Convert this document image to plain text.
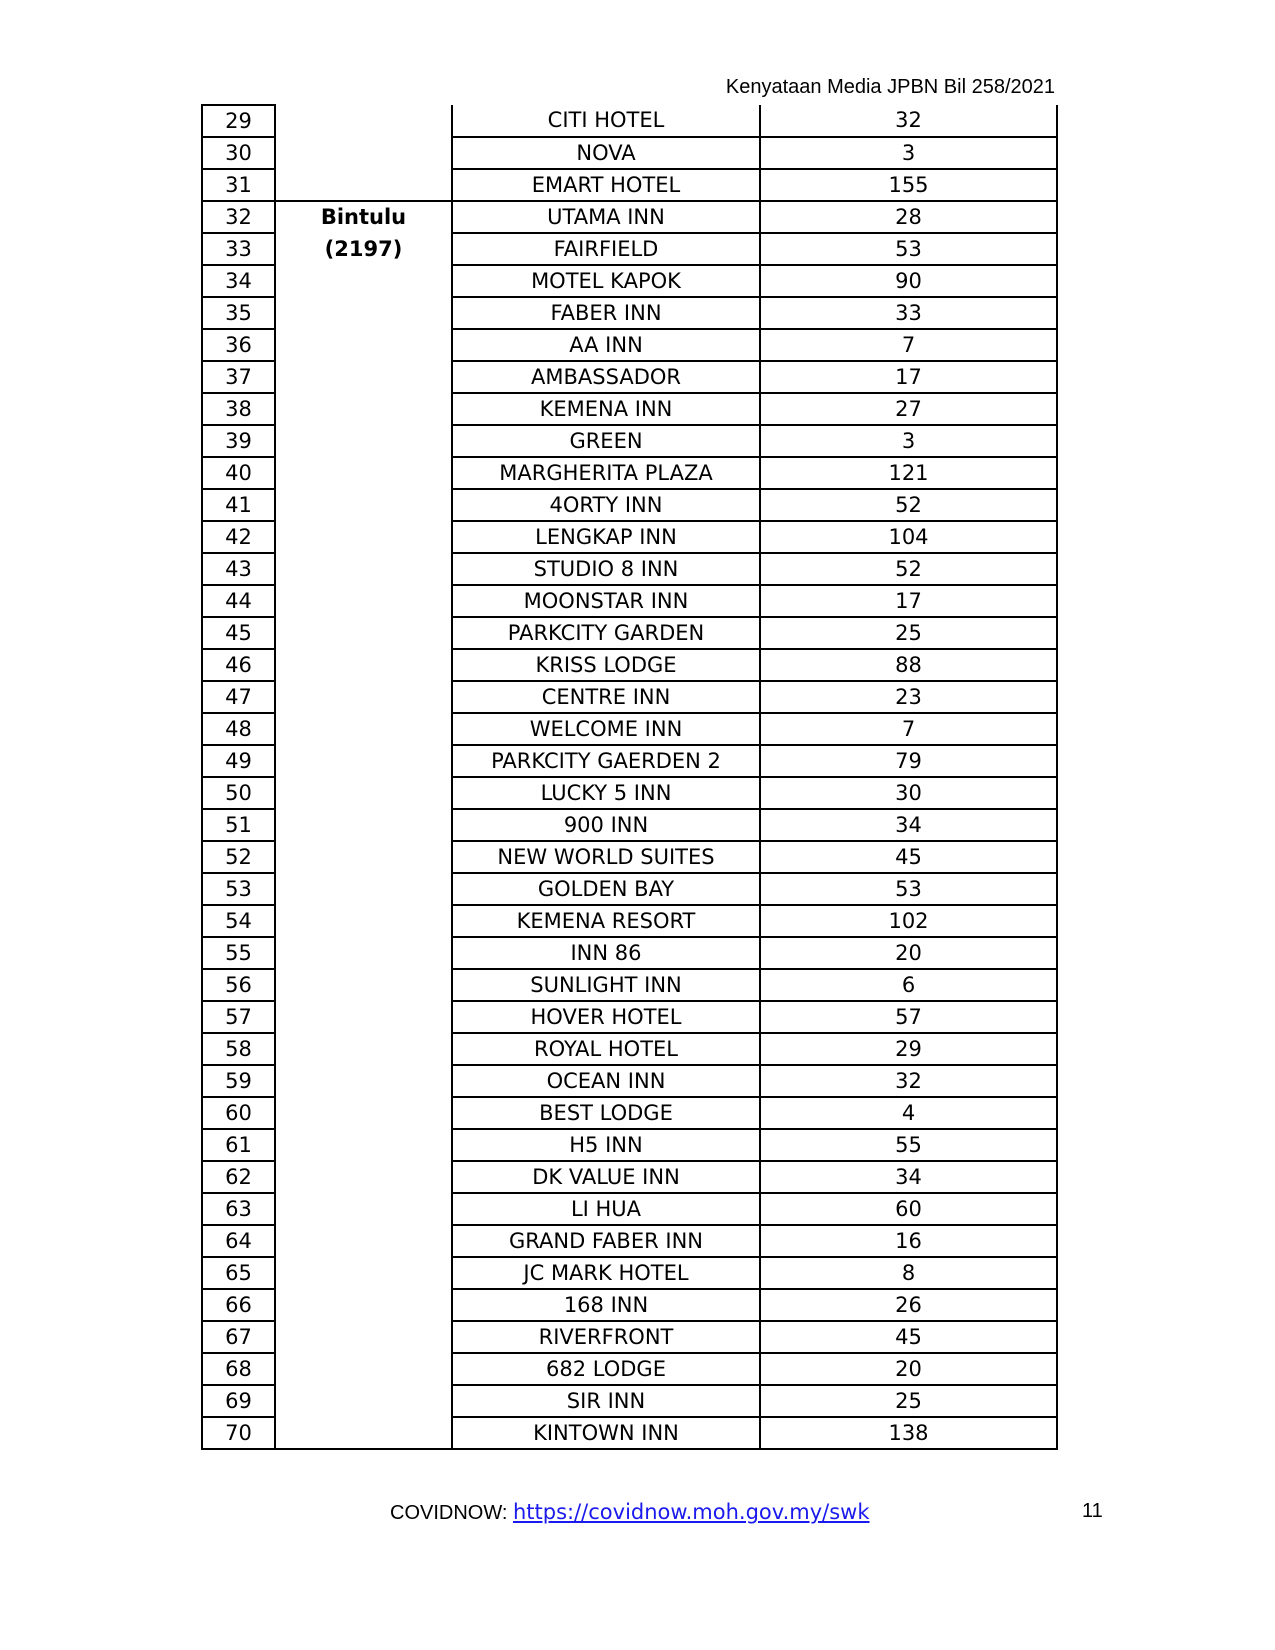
Kenyataan Media JPBN Bil 258/2021
29		CITI HOTEL	32
30		NOVA	3
31		EMART HOTEL	155
32	Bintulu	UTAMA INN	28
33	(2197)	FAIRFIELD	53
34		MOTEL KAPOK	90
35		FABER INN	33
36		AA INN	7
37		AMBASSADOR	17
38		KEMENA INN	27
39		GREEN	3
40		MARGHERITA PLAZA	121
41		4ORTY INN	52
42		LENGKAP INN	104
43		STUDIO 8 INN	52
44		MOONSTAR INN	17
45		PARKCITY GARDEN	25
46		KRISS LODGE	88
47		CENTRE INN	23
48		WELCOME INN	7
49		PARKCITY GAERDEN 2	79
50		LUCKY 5 INN	30
51		900 INN	34
52		NEW WORLD SUITES	45
53		GOLDEN BAY	53
54		KEMENA RESORT	102
55		INN 86	20
56		SUNLIGHT INN	6
57		HOVER HOTEL	57
58		ROYAL HOTEL	29
59		OCEAN INN	32
60		BEST LODGE	4
61		H5 INN	55
62		DK VALUE INN	34
63		LI HUA	60
64		GRAND FABER INN	16
65		JC MARK HOTEL	8
66		168 INN	26
67		RIVERFRONT	45
68		682 LODGE	20
69		SIR INN	25
70		KINTOWN INN	138
COVIDNOW: https://covidnow.moh.gov.my/swk	11
